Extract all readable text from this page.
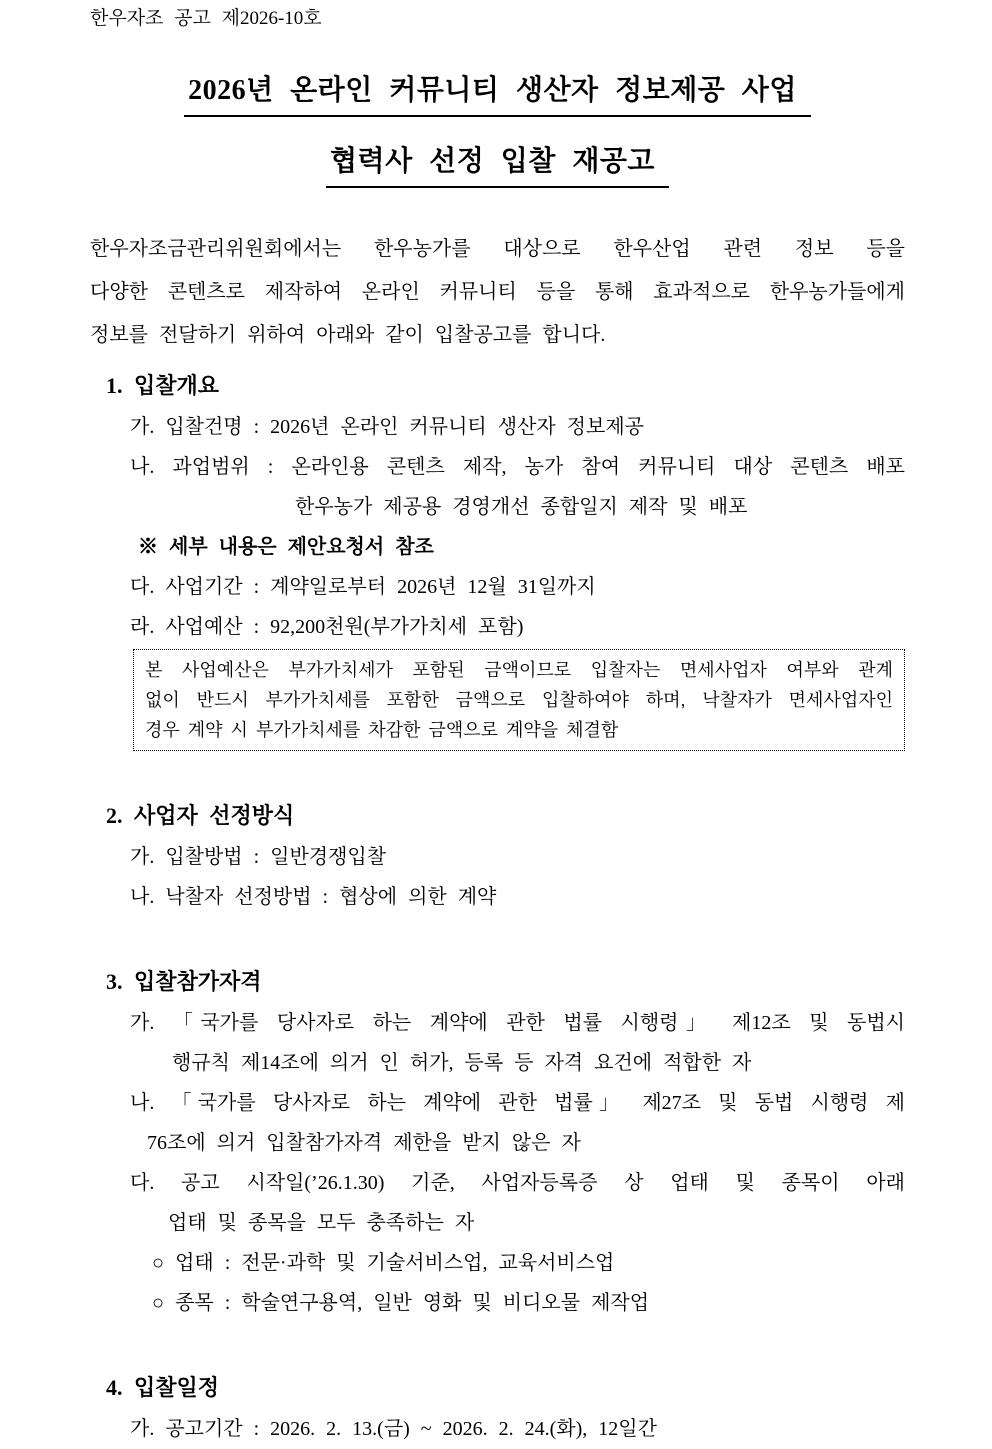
한우자조 공고 제2026-10호
2026년 온라인 커뮤니티 생산자 정보제공 사업
협력사 선정 입찰 재공고
한우자조금관리위원회에서는 한우농가를 대상으로 한우산업 관련 정보 등을
다양한 콘텐츠로 제작하여 온라인 커뮤니티 등을 통해 효과적으로 한우농가들에게
정보를 전달하기 위하여 아래와 같이 입찰공고를 합니다.
1. 입찰개요
가. 입찰건명 : 2026년 온라인 커뮤니티 생산자 정보제공
나. 과업범위 : 온라인용 콘텐츠 제작, 농가 참여 커뮤니티 대상 콘텐츠 배포
한우농가 제공용 경영개선 종합일지 제작 및 배포
※ 세부 내용은 제안요청서 참조
다. 사업기간 : 계약일로부터 2026년 12월 31일까지
라. 사업예산 : 92,200천원(부가가치세 포함)
본 사업예산은 부가가치세가 포함된 금액이므로 입찰자는 면세사업자 여부와 관계
없이 반드시 부가가치세를 포함한 금액으로 입찰하여야 하며, 낙찰자가 면세사업자인
경우 계약 시 부가가치세를 차감한 금액으로 계약을 체결함
2. 사업자 선정방식
가. 입찰방법 : 일반경쟁입찰
나. 낙찰자 선정방법 : 협상에 의한 계약
3. 입찰참가자격
가. 「국가를 당사자로 하는 계약에 관한 법률 시행령」 제12조 및 동법시
행규칙 제14조에 의거 인 허가, 등록 등 자격 요건에 적합한 자
나. 「국가를 당사자로 하는 계약에 관한 법률」 제27조 및 동법 시행령 제
76조에 의거 입찰참가자격 제한을 받지 않은 자
다. 공고 시작일(’26.1.30) 기준, 사업자등록증 상 업태 및 종목이 아래
업태 및 종목을 모두 충족하는 자
○ 업태 : 전문·과학 및 기술서비스업, 교육서비스업
○ 종목 : 학술연구용역, 일반 영화 및 비디오물 제작업
4. 입찰일정
가. 공고기간 : 2026. 2. 13.(금) ~ 2026. 2. 24.(화), 12일간
